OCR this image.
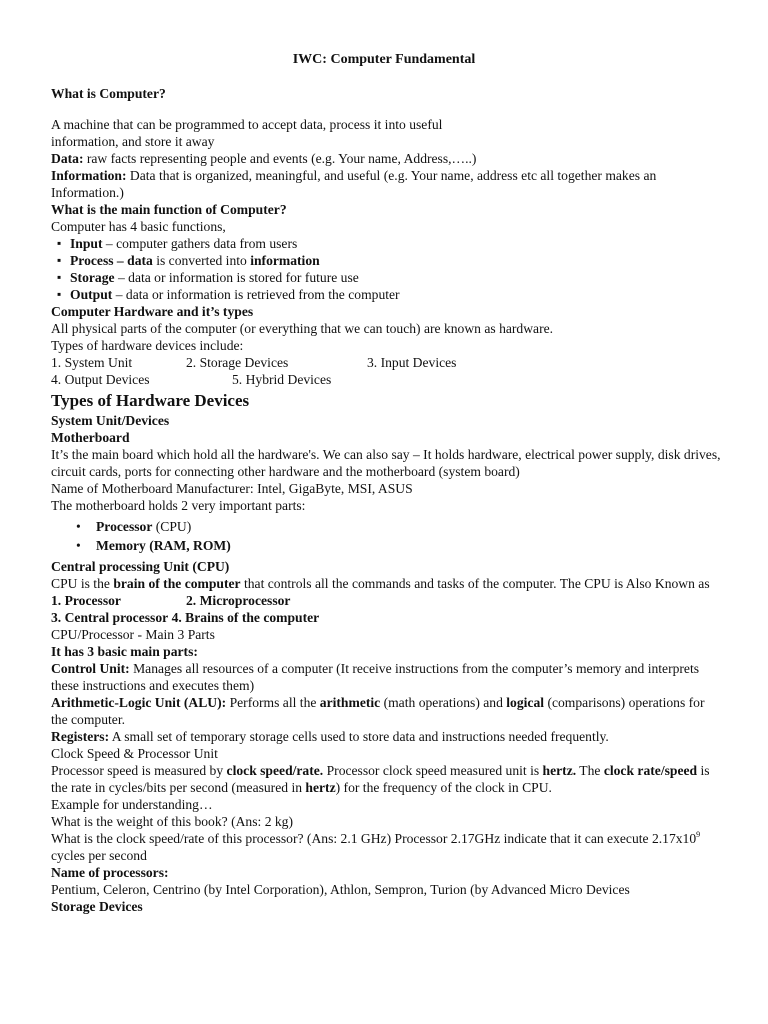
IWC: Computer Fundamental

What is Computer?

A machine that can be programmed to accept data, process it into useful

information, and store it away

Data: raw facts representing people and events (e.g. Your name, Address,…..)

Information: Data that is organized, meaningful, and useful (e.g. Your name, address etc all together makes an Information.)

What is the main function of Computer?

Computer has 4 basic functions,

▪ Input – computer gathers data from users
▪ Process – data is converted into information
▪ Storage – data or information is stored for future use
▪ Output – data or information is retrieved from the computer

Computer Hardware and it’s types

All physical parts of the computer (or everything that we can touch) are known as hardware.

Types of hardware devices include:

1. System Unit	2. Storage Devices	3. Input Devices
4. Output Devices	5. Hybrid Devices

Types of Hardware Devices

System Unit/Devices

Motherboard

It’s the main board which hold all the hardware's. We can also say – It holds hardware, electrical power supply, disk drives, circuit cards, ports for connecting other hardware and the motherboard (system board)

Name of Motherboard Manufacturer: Intel, GigaByte, MSI, ASUS

The motherboard holds 2 very important parts:

• Processor (CPU)
• Memory (RAM, ROM)

Central processing Unit (CPU)

CPU is the brain of the computer that controls all the commands and tasks of the computer. The CPU is Also Known as

1. Processor	2. Microprocessor
3. Central processor
4. Brains of the computer

CPU/Processor - Main 3 Parts

It has 3 basic main parts:

Control Unit: Manages all resources of a computer (It receive instructions from the computer’s memory and interprets these instructions and executes them)

Arithmetic-Logic Unit (ALU): Performs all the arithmetic (math operations) and logical (comparisons) operations for the computer.

Registers: A small set of temporary storage cells used to store data and instructions needed frequently.

Clock Speed & Processor Unit

Processor speed is measured by clock speed/rate. Processor clock speed measured unit is hertz. The clock rate/speed is the rate in cycles/bits per second (measured in hertz) for the frequency of the clock in CPU.

Example for understanding…

What is the weight of this book? (Ans: 2 kg)

What is the clock speed/rate of this processor? (Ans: 2.1 GHz) Processor 2.17GHz indicate that it can execute $2.17x10^9$ cycles per second

Name of processors:

Pentium, Celeron, Centrino (by Intel Corporation), Athlon, Sempron, Turion (by Advanced Micro Devices

Storage Devices
